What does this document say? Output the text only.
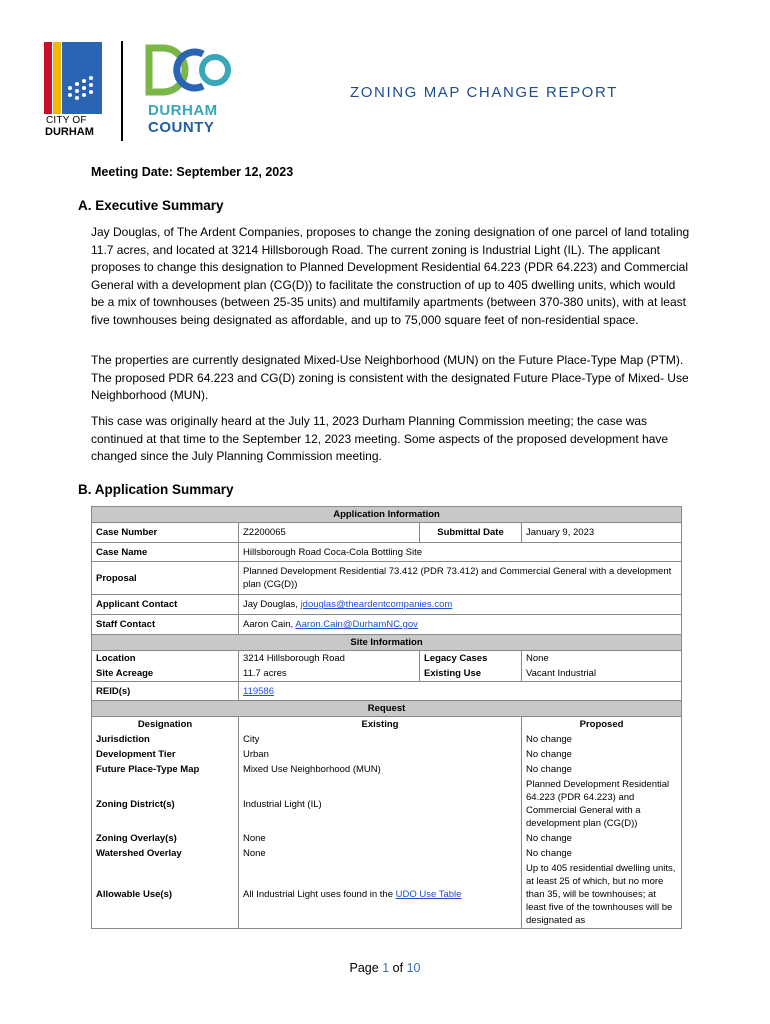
CITY OF
DURHAM
DURHAM
COUNTY
ZONING MAP CHANGE REPORT
Meeting Date: September 12, 2023
A. Executive Summary

Jay Douglas, of The Ardent Companies, proposes to change the zoning designation of one parcel of land totaling 11.7 acres, and located at 3214 Hillsborough Road. The current zoning is Industrial Light (IL). The applicant proposes to change this designation to Planned Development Residential 64.223 (PDR 64.223) and Commercial General with a development plan (CG(D)) to facilitate the construction of up to 405 dwelling units, which would be a mix of townhouses (between 25-35 units) and multifamily apartments (between 370-380 units), with at least five townhouses being designated as affordable, and up to 75,000 square feet of non-residential space.

The properties are currently designated Mixed-Use Neighborhood (MUN) on the Future Place-Type Map (PTM). The proposed PDR 64.223 and CG(D) zoning is consistent with the designated Future Place-Type of Mixed- Use Neighborhood (MUN).

This case was originally heard at the July 11, 2023 Durham Planning Commission meeting; the case was continued at that time to the September 12, 2023 meeting. Some aspects of the proposed development have changed since the July Planning Commission meeting.

B. Application Summary
Application Information			
Case Number	Z2200065	Submittal Date	January 9, 2023
Case Name	Hillsborough Road Coca-Cola Bottling Site		
Proposal	Planned Development Residential 73.412 (PDR 73.412) and Commercial General with a development plan (CG(D))		
Applicant Contact	Jay Douglas, jdouglas@theardentcompanies.com		
Staff Contact	Aaron Cain, Aaron.Cain@DurhamNC.gov		
Site Information			
Location	3214 Hillsborough Road	Legacy Cases	None
Site Acreage	11.7 acres	Existing Use	Vacant Industrial
REID(s)	119586		
Request			
Designation	Existing		Proposed
Jurisdiction	City		No change
Development Tier	Urban		No change
Future Place-Type Map	Mixed Use Neighborhood (MUN)		No change
Zoning District(s)	Industrial Light (IL)		Planned Development Residential 64.223 (PDR 64.223) and Commercial General with a development plan (CG(D))
Zoning Overlay(s)	None		No change
Watershed Overlay	None		No change
Allowable Use(s)	All Industrial Light uses found in the UDO Use Table		Up to 405 residential dwelling units, at least 25 of which, but no more than 35, will be townhouses; at least five of the townhouses will be designated as
Page 1 of 10
